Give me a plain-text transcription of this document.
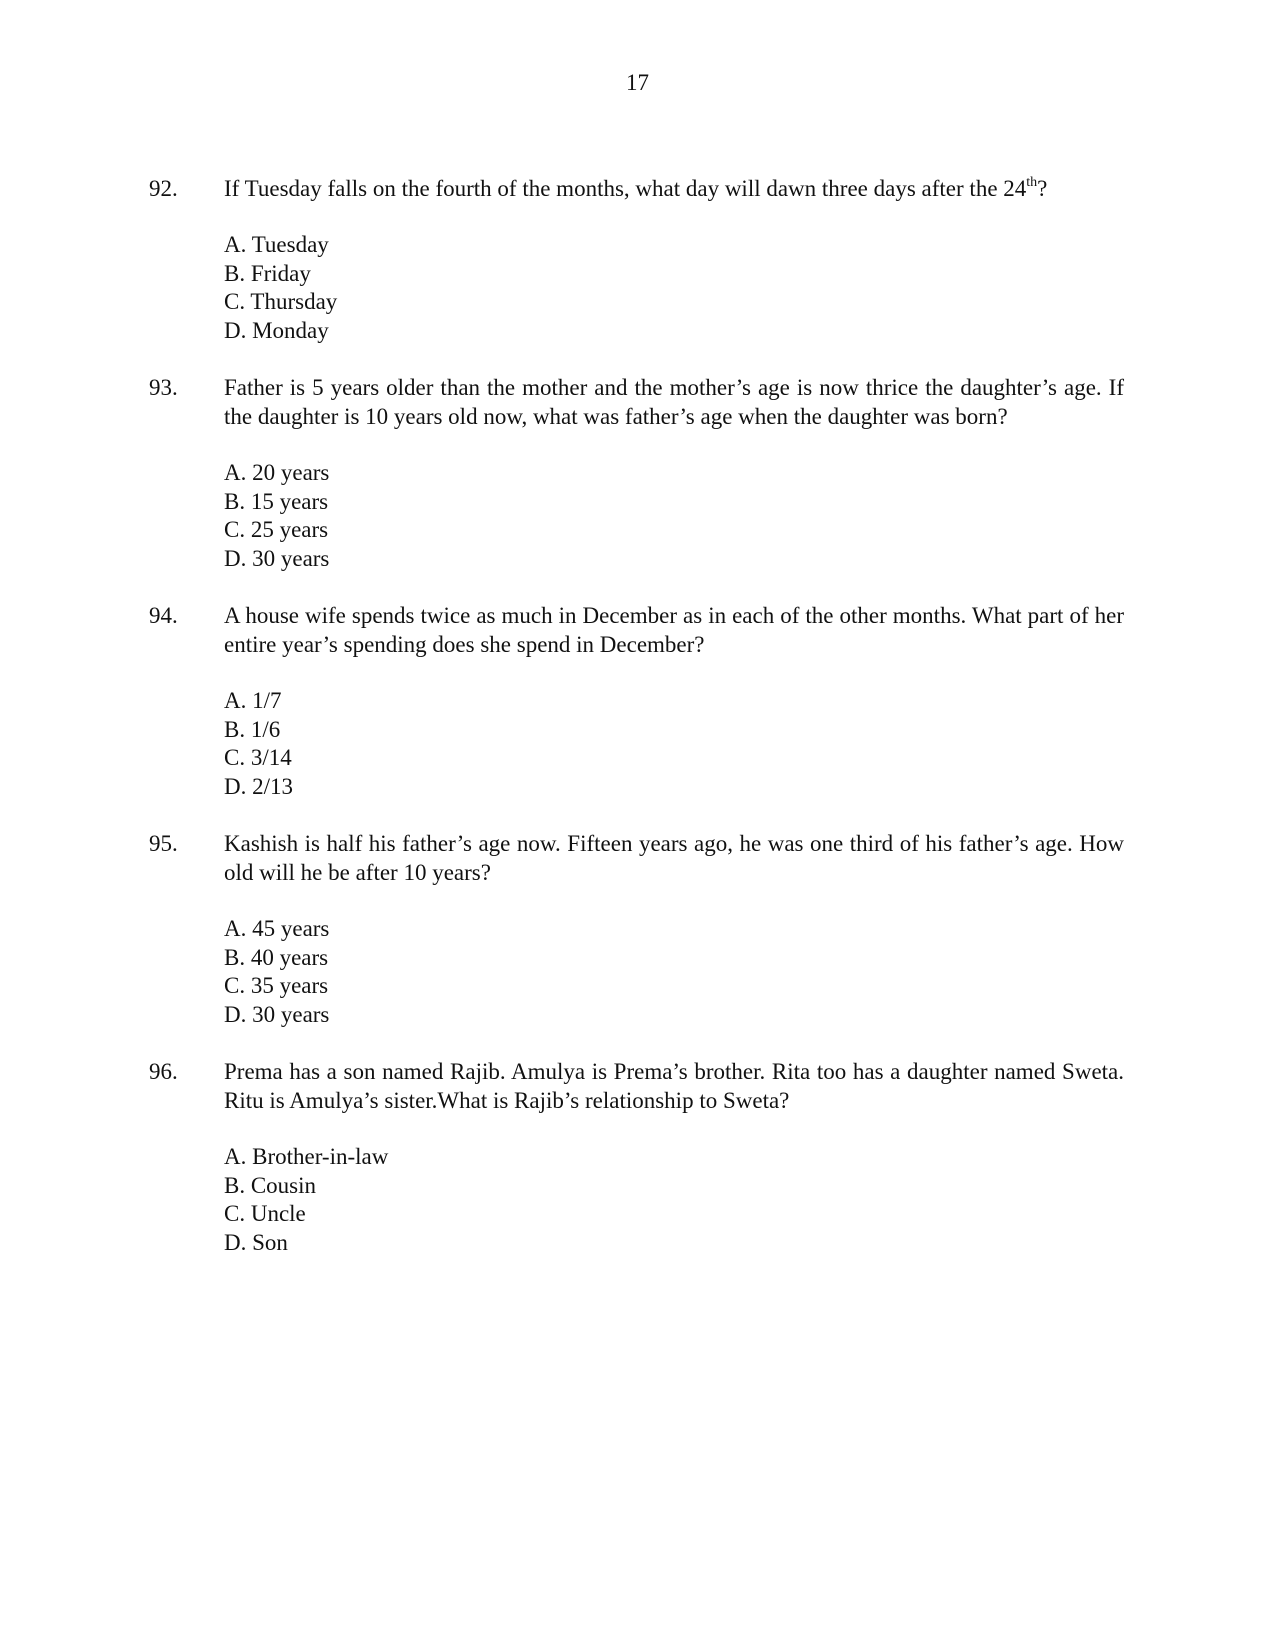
17
92. If Tuesday falls on the fourth of the months, what day will dawn three days after the 24th?

A. Tuesday
B. Friday
C. Thursday
D. Monday
93. Father is 5 years older than the mother and the mother’s age is now thrice the daughter’s age. If the daughter is 10 years old now, what was father’s age when the daughter was born?

A. 20 years
B. 15 years
C. 25 years
D. 30 years
94. A house wife spends twice as much in December as in each of the other months. What part of her entire year’s spending does she spend in December?

A. 1/7
B. 1/6
C. 3/14
D. 2/13
95. Kashish is half his father’s age now. Fifteen years ago, he was one third of his father’s age. How old will he be after 10 years?

A. 45 years
B. 40 years
C. 35 years
D. 30 years
96. Prema has a son named Rajib. Amulya is Prema’s brother. Rita too has a daughter named Sweta. Ritu is Amulya’s sister.What is Rajib’s relationship to Sweta?

A. Brother-in-law
B. Cousin
C. Uncle
D. Son
